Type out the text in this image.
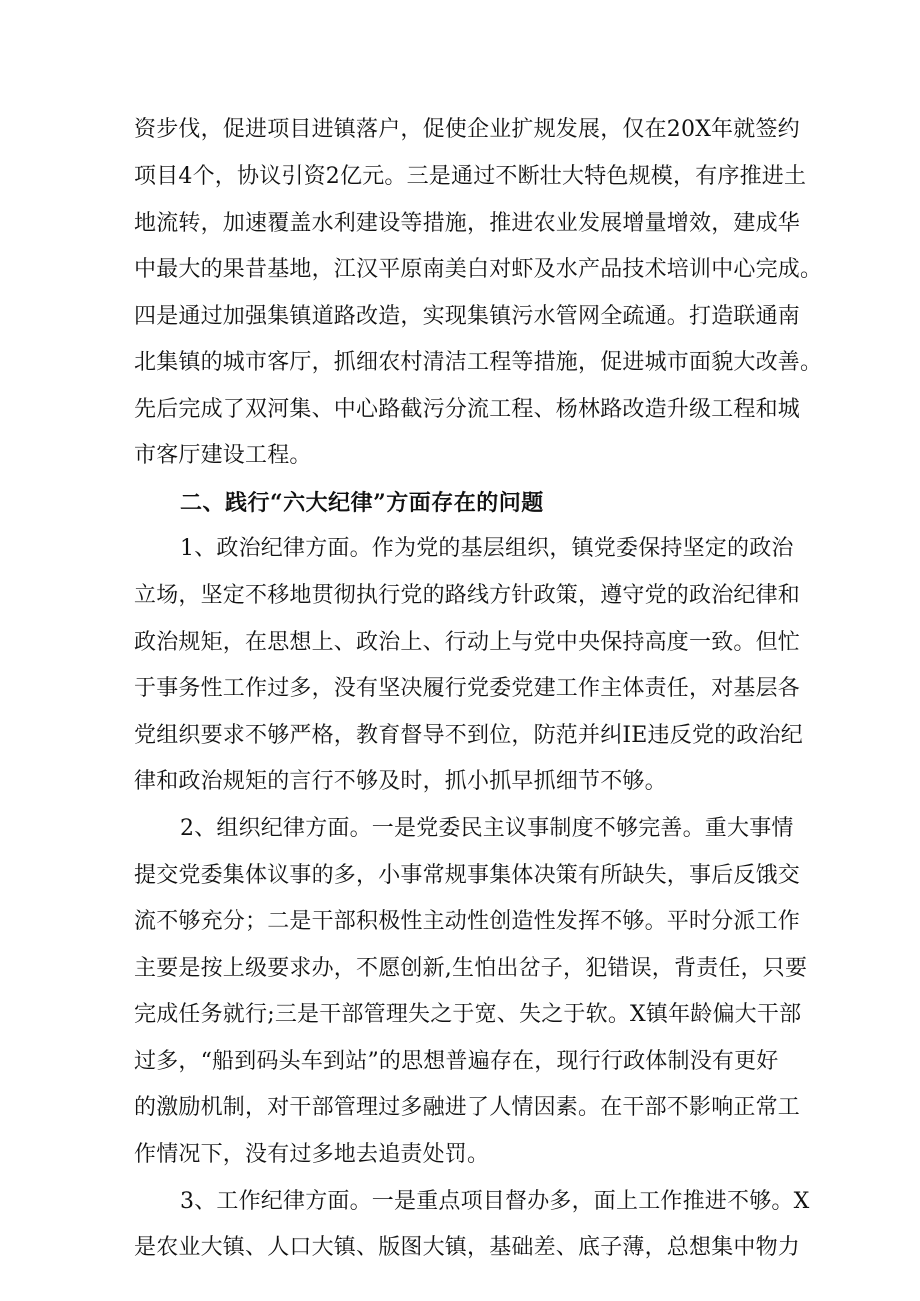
资步伐，促进项目进镇落户，促使企业扩规发展，仅在20X年就签约
项目4个，协议引资2亿元。三是通过不断壮大特色规模，有序推进土
地流转，加速覆盖水利建设等措施，推进农业发展增量增效，建成华
中最大的果昔基地，江汉平原南美白对虾及水产品技术培训中心完成。
四是通过加强集镇道路改造，实现集镇污水管网全疏通。打造联通南
北集镇的城市客厅，抓细农村清洁工程等措施，促进城市面貌大改善。
先后完成了双河集、中心路截污分流工程、杨林路改造升级工程和城
市客厅建设工程。
二、践行“六大纪律”方面存在的问题
1、政治纪律方面。作为党的基层组织，镇党委保持坚定的政治
立场，坚定不移地贯彻执行党的路线方针政策，遵守党的政治纪律和
政治规矩，在思想上、政治上、行动上与党中央保持高度一致。但忙
于事务性工作过多，没有坚决履行党委党建工作主体责任，对基层各
党组织要求不够严格，教育督导不到位，防范并纠IE违反党的政治纪
律和政治规矩的言行不够及时，抓小抓早抓细节不够。
2、组织纪律方面。一是党委民主议事制度不够完善。重大事情
提交党委集体议事的多，小事常规事集体决策有所缺失，事后反饿交
流不够充分；二是干部积极性主动性创造性发挥不够。平时分派工作
主要是按上级要求办，不愿创新,生怕出岔子，犯错误，背责任，只要
完成任务就行;三是干部管理失之于宽、失之于软。X镇年龄偏大干部
过多，“船到码头车到站”的思想普遍存在，现行行政体制没有更好
的激励机制，对干部管理过多融进了人情因素。在干部不影响正常工
作情况下，没有过多地去追责处罚。
3、工作纪律方面。一是重点项目督办多，面上工作推进不够。X
是农业大镇、人口大镇、版图大镇，基础差、底子薄，总想集中物力
